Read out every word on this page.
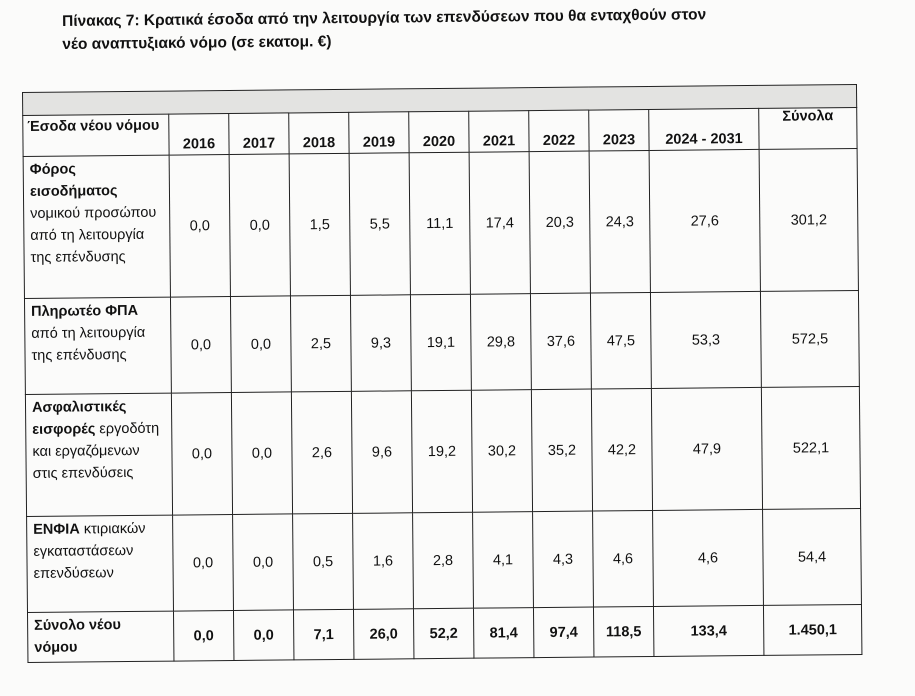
Πίνακας 7: Κρατικά έσοδα από την λειτουργία των επενδύσεων που θα ενταχθούν στον
νέο αναπτυξιακό νόμο (σε εκατομ. €)

Έσοδα νέου νόμου	2016	2017	2018	2019	2020	2021	2022	2023	2024 - 2031	Σύνολα
Φόρος εισοδήματος νομικού προσώπου από τη λειτουργία της επένδυσης	0,0	0,0	1,5	5,5	11,1	17,4	20,3	24,3	27,6	301,2
Πληρωτέο ΦΠΑ από τη λειτουργία της επένδυσης	0,0	0,0	2,5	9,3	19,1	29,8	37,6	47,5	53,3	572,5
Ασφαλιστικές εισφορές εργοδότη και εργαζόμενων στις επενδύσεις	0,0	0,0	2,6	9,6	19,2	30,2	35,2	42,2	47,9	522,1
ΕΝΦΙΑ κτιριακών εγκαταστάσεων επενδύσεων	0,0	0,0	0,5	1,6	2,8	4,1	4,3	4,6	4,6	54,4
Σύνολο νέου νόμου	0,0	0,0	7,1	26,0	52,2	81,4	97,4	118,5	133,4	1.450,1
